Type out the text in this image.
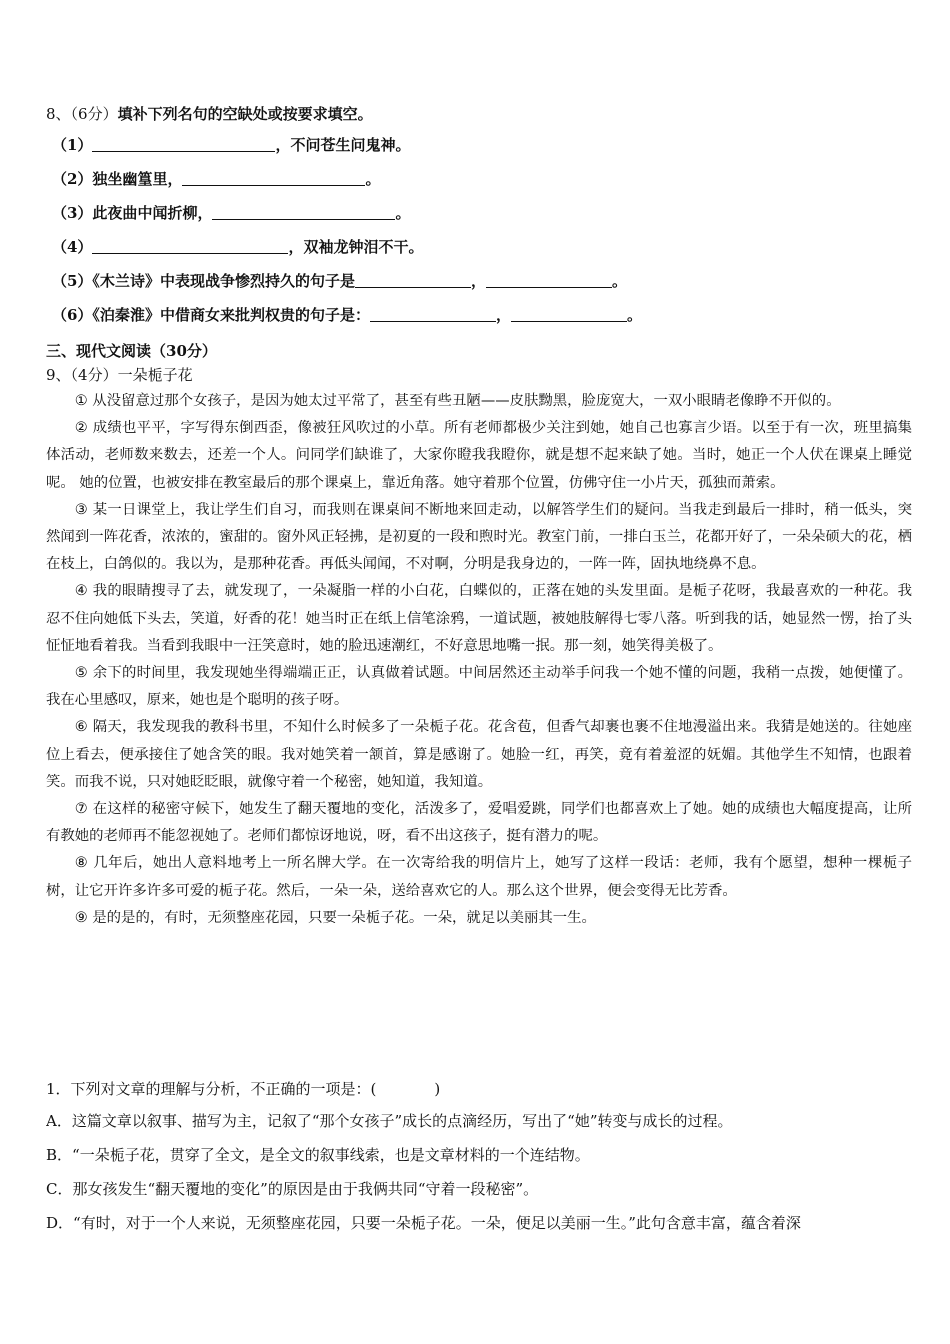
8、（6分）填补下列名句的空缺处或按要求填空。
（1）	，不问苍生问鬼神。
（2）独坐幽篁里，	。
（3）此夜曲中闻折柳，	。
（4）	，双袖龙钟泪不干。
（5）《木兰诗》中表现战争惨烈持久的句子是	，	。
（6）《泊秦淮》中借商女来批判权贵的句子是：	，	。
三、现代文阅读（30分）
9、（4分）一朵栀子花

① 从没留意过那个女孩子，是因为她太过平常了，甚至有些丑陋——皮肤黝黑，脸庞宽大，一双小眼睛老像睁不开似的。

② 成绩也平平，字写得东倒西歪，像被狂风吹过的小草。所有老师都极少关注到她，她自己也寡言少语。以至于有一次，班里搞集体活动，老师数来数去，还差一个人。问同学们缺谁了，大家你瞪我我瞪你，就是想不起来缺了她。当时，她正一个人伏在课桌上睡觉呢。 她的位置，也被安排在教室最后的那个课桌上，靠近角落。她守着那个位置，仿佛守住一小片天，孤独而萧索。

③ 某一日课堂上，我让学生们自习，而我则在课桌间不断地来回走动，以解答学生们的疑问。当我走到最后一排时，稍一低头，突然闻到一阵花香，浓浓的，蜜甜的。窗外风正轻拂，是初夏的一段和煦时光。教室门前，一排白玉兰，花都开好了，一朵朵硕大的花，栖在枝上，白鸽似的。我以为，是那种花香。再低头闻闻，不对啊，分明是我身边的，一阵一阵，固执地绕鼻不息。

④ 我的眼睛搜寻了去，就发现了，一朵凝脂一样的小白花，白蝶似的，正落在她的头发里面。是栀子花呀，我最喜欢的一种花。我忍不住向她低下头去，笑道，好香的花！她当时正在纸上信笔涂鸦，一道试题，被她肢解得七零八落。听到我的话，她显然一愣，抬了头怔怔地看着我。当看到我眼中一汪笑意时，她的脸迅速潮红，不好意思地嘴一抿。那一刻，她笑得美极了。

⑤ 余下的时间里，我发现她坐得端端正正，认真做着试题。中间居然还主动举手问我一个她不懂的问题，我稍一点拨，她便懂了。我在心里感叹，原来，她也是个聪明的孩子呀。

⑥ 隔天，我发现我的教科书里，不知什么时候多了一朵栀子花。花含苞，但香气却裹也裹不住地漫溢出来。我猜是她送的。往她座位上看去，便承接住了她含笑的眼。我对她笑着一颔首，算是感谢了。她脸一红，再笑，竟有着羞涩的妩媚。其他学生不知情，也跟着笑。而我不说，只对她眨眨眼，就像守着一个秘密，她知道，我知道。

⑦ 在这样的秘密守候下，她发生了翻天覆地的变化，活泼多了，爱唱爱跳，同学们也都喜欢上了她。她的成绩也大幅度提高，让所有教她的老师再不能忽视她了。老师们都惊讶地说，呀，看不出这孩子，挺有潜力的呢。

⑧ 几年后，她出人意料地考上一所名牌大学。在一次寄给我的明信片上，她写了这样一段话：老师，我有个愿望，想种一棵栀子树，让它开许多许多可爱的栀子花。然后，一朵一朵，送给喜欢它的人。那么这个世界，便会变得无比芳香。

⑨ 是的是的，有时，无须整座花园，只要一朵栀子花。一朵，就足以美丽其一生。

1．下列对文章的理解与分析，不正确的一项是：(	)
A．这篇文章以叙事、描写为主，记叙了“那个女孩子”成长的点滴经历，写出了“她”转变与成长的过程。
B．“一朵栀子花，贯穿了全文，是全文的叙事线索，也是文章材料的一个连结物。
C．那女孩发生“翻天覆地的变化”的原因是由于我俩共同“守着一段秘密”。
D．“有时，对于一个人来说，无须整座花园，只要一朵栀子花。一朵，便足以美丽一生。”此句含意丰富，蕴含着深
